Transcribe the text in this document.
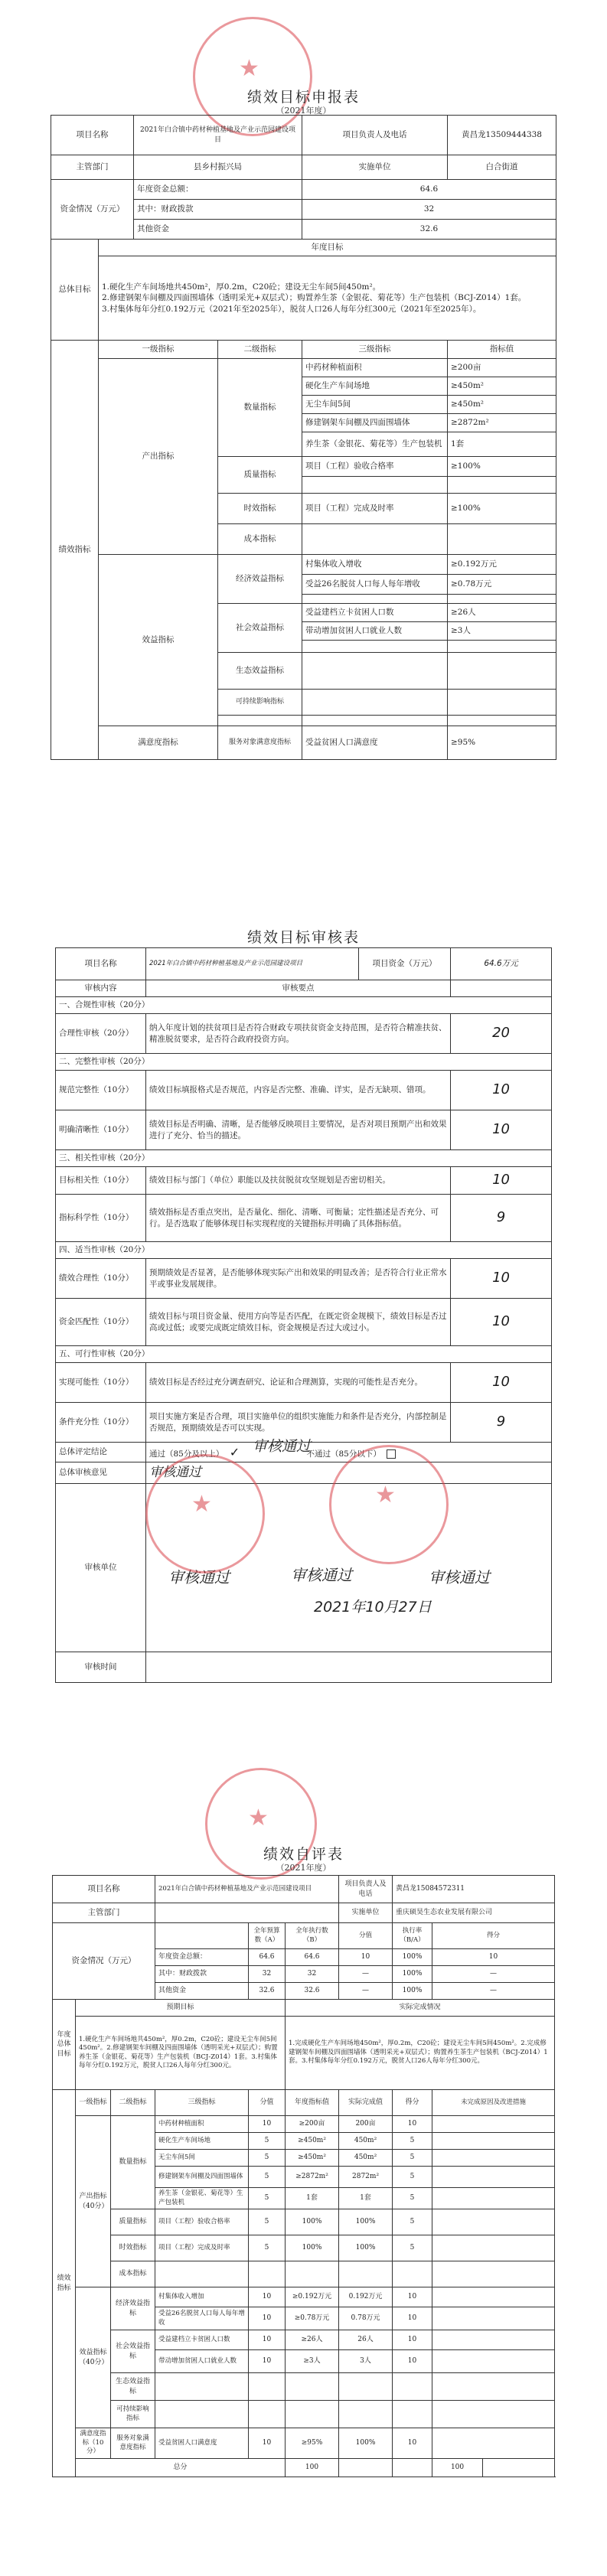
★
绩效目标申报表
（2021年度）
项目名称		2021年白合镇中药材种植基地及产业示范园建设项目		项目负责人及电话	黄昌龙13509444338
主管部门		县乡村振兴局		实施单位	白合街道
资金情况（万元）		年度资金总额：		64.6	
		其中：财政拨款		32	
		其他资金		32.6	
总体目标	年度目标				

	1.硬化生产车间场地共450m²，厚0.2m，C20砼；建设无尘车间5间450m²。
2.修建钢架车间棚及四面围墙体（透明采光+双层式）；购置养生茶（金银花、菊花等）生产包装机（BCJ-Z014）1套。
3.村集体每年分红0.192万元（2021年至2025年），脱贫人口26人每年分红300元（2021年至2025年）。				

绩效指标	一级指标		二级指标	三级指标	指标值
	产出指标		数量指标	中药材种植面积	≥200亩
				硬化生产车间场地	≥450m²
				无尘车间5间	≥450m²
				修建钢架车间棚及四面围墙体	≥2872m²
				养生茶（金银花、菊花等）生产包装机	1套
			质量指标	项目（工程）验收合格率	≥100%

			时效指标	项目（工程）完成及时率	≥100%
			成本指标		
	效益指标		经济效益指标	村集体收入增收	≥0.192万元
				受益26名脱贫人口每人每年增收	≥0.78万元

			社会效益指标	受益建档立卡贫困人口数	≥26人
				带动增加贫困人口就业人数	≥3人

			生态效益指标		
			可持续影响指标		

	满意度指标		服务对象满意度指标	受益贫困人口满意度	≥95%
绩效目标审核表
项目名称	2021年白合镇中药材种植基地及产业示范园建设项目	项目资金（万元）	64.6万元
审核内容	审核要点		
一、合规性审核（20分）			
合理性审核（20分）	纳入年度计划的扶贫项目是否符合财政专项扶贫资金支持范围，是否符合精准扶贫、精准脱贫要求，是否符合政府投资方向。		20
二、完整性审核（20分）			
规范完整性（10分）	绩效目标填报格式是否规范，内容是否完整、准确、详实，是否无缺项、错项。		10
明确清晰性（10分）	绩效目标是否明确、清晰，是否能够反映项目主要情况，是否对项目预期产出和效果进行了充分、恰当的描述。		10
三、相关性审核（20分）			
目标相关性（10分）	绩效目标与部门（单位）职能以及扶贫脱贫攻坚规划是否密切相关。		10
指标科学性（10分）	绩效指标是否重点突出，是否量化、细化、清晰、可衡量；定性描述是否充分、可行。是否选取了能够体现目标实现程度的关键指标并明确了具体指标值。		9
四、适当性审核（20分）			
绩效合理性（10分）	预期绩效是否显著，是否能够体现实际产出和效果的明显改善；是否符合行业正常水平或事业发展规律。		10
资金匹配性（10分）	绩效目标与项目资金量、使用方向等是否匹配，在既定资金规模下，绩效目标是否过高或过低；或要完成既定绩效目标，资金规模是否过大或过小。		10
五、可行性审核（20分）			
实现可能性（10分）	绩效目标是否经过充分调查研究、论证和合理测算，实现的可能性是否充分。		10
条件充分性（10分）	项目实施方案是否合理，项目实施单位的组织实施能力和条件是否充分，内部控制是否规范，预期绩效是否可以实现。		9
总体评定结论	通过（85分及以上） ✓ 不通过（85分以下）		
总体审核意见	审核通过		
审核单位			
审核时间			
审核通过	审核通过	审核通过
2021年10月27日
审核通过
★	★
★
绩效自评表
（2021年度）
项目名称			2021年白合镇中药材种植基地及产业示范园建设项目			项目负责人及电话	黄昌龙15084572311		
主管部门						实施单位	重庆硕昊生态农业发展有限公司		
资金情况（万元）				全年预算数（A）	全年执行数（B）	分值	执行率（B/A）	得分	
			年度资金总额：	64.6	64.6	10	100%	10	
			其中：财政拨款	32	32	—	100%	—	
			其他资金	32.6	32.6	—	100%	—	
年度总体目标	预期目标				实际完成情况				
	1.硬化生产车间场地共450m²，厚0.2m，C20砼；建设无尘车间5间450m²。2.修建钢架车间棚及四面围墙体（透明采光+双层式）；购置养生茶（金银花、菊花等）生产包装机（BCJ-Z014）1套。3.村集体每年分红0.192万元，脱贫人口26人每年分红300元。				1.完成硬化生产车间场地450m²，厚0.2m，C20砼；建设无尘车间5间450m²。2.完成修建钢架车间棚及四面围墙体（透明采光+双层式）；购置养生茶生产包装机（BCJ-Z014）1套。3.村集体每年分红0.192万元，脱贫人口26人每年分红300元。				
绩效指标	一级指标	二级指标	三级指标	分值	年度指标值	实际完成值	得分	未完成原因及改进措施	
	产出指标（40分）	数量指标	中药材种植面积	10	≥200亩	200亩	10		
			硬化生产车间场地	5	≥450m²	450m²	5		
			无尘车间5间	5	≥450m²	450m²	5		
			修建钢架车间棚及四面围墙体	5	≥2872m²	2872m²	5		
			养生茶（金银花、菊花等）生产包装机	5	1套	1套	5		
		质量指标	项目（工程）验收合格率	5	100%	100%	5		
		时效指标	项目（工程）完成及时率	5	100%	100%	5		
		成本指标							
	效益指标（40分）	经济效益指标	村集体收入增加	10	≥0.192万元	0.192万元	10		
			受益26名脱贫人口每人每年增收	10	≥0.78万元	0.78万元	10		
		社会效益指标	受益建档立卡贫困人口数	10	≥26人	26人	10		
			带动增加贫困人口就业人数	10	≥3人	3人	10		
		生态效益指标							
		可持续影响指标							
	满意度指标（10分）	服务对象满意度指标	受益贫困人口满意度	10	≥95%	100%	10		
	总分				100			100	
